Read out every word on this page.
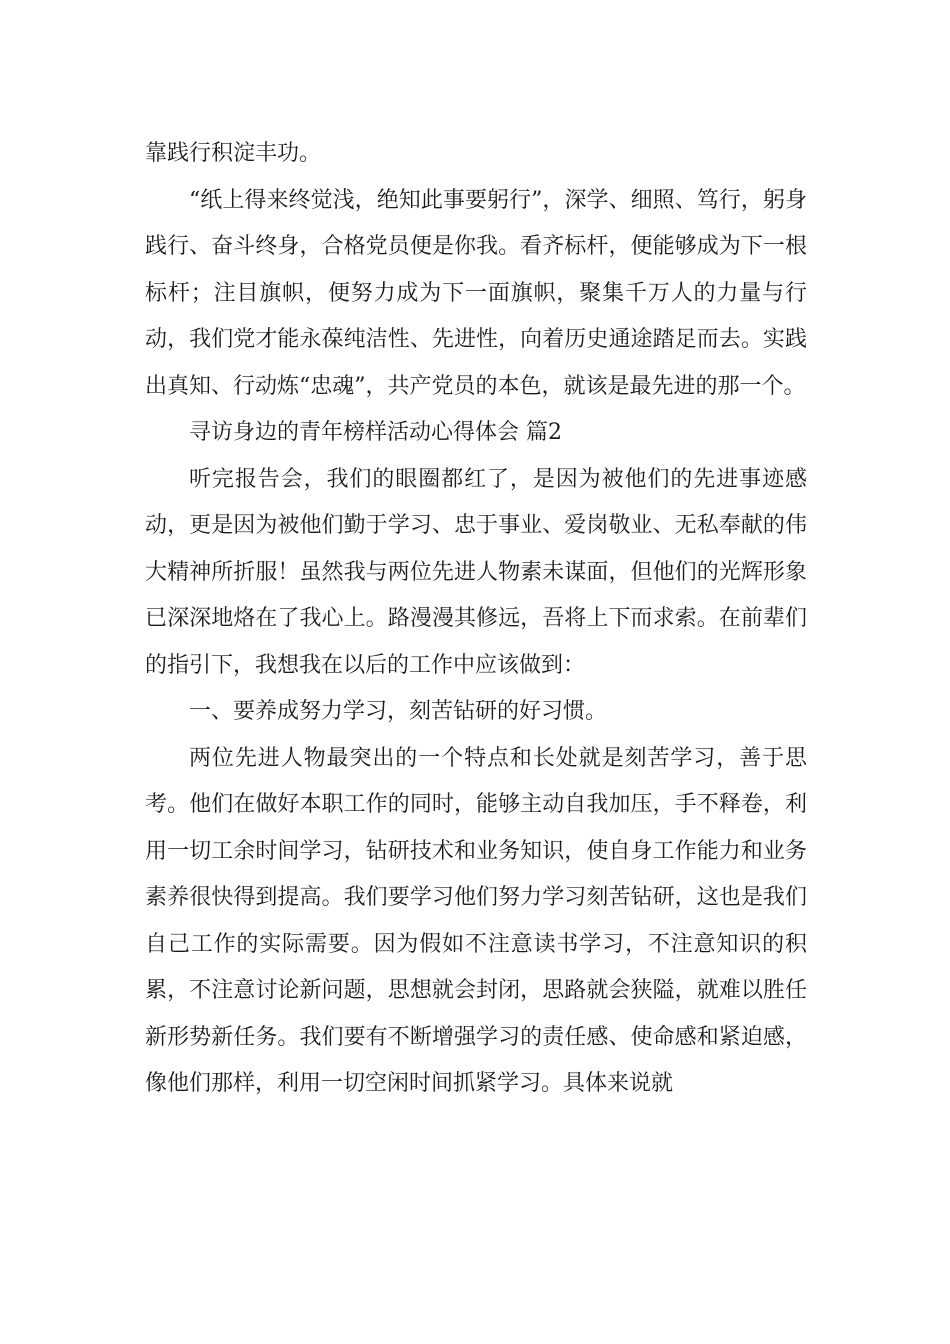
靠践行积淀丰功。

“纸上得来终觉浅，绝知此事要躬行”，深学、细照、笃行，躬身践行、奋斗终身，合格党员便是你我。看齐标杆，便能够成为下一根标杆；注目旗帜，便努力成为下一面旗帜，聚集千万人的力量与行动，我们党才能永葆纯洁性、先进性，向着历史通途踏足而去。实践出真知、行动炼“忠魂”，共产党员的本色，就该是最先进的那一个。

寻访身边的青年榜样活动心得体会 篇2

听完报告会，我们的眼圈都红了，是因为被他们的先进事迹感动，更是因为被他们勤于学习、忠于事业、爱岗敬业、无私奉献的伟大精神所折服！虽然我与两位先进人物素未谋面，但他们的光辉形象已深深地烙在了我心上。路漫漫其修远，吾将上下而求索。在前辈们的指引下，我想我在以后的工作中应该做到：

一、要养成努力学习，刻苦钻研的好习惯。

两位先进人物最突出的一个特点和长处就是刻苦学习，善于思考。他们在做好本职工作的同时，能够主动自我加压，手不释卷，利用一切工余时间学习，钻研技术和业务知识，使自身工作能力和业务素养很快得到提高。我们要学习他们努力学习刻苦钻研，这也是我们自己工作的实际需要。因为假如不注意读书学习，不注意知识的积累，不注意讨论新问题，思想就会封闭，思路就会狭隘，就难以胜任新形势新任务。我们要有不断增强学习的责任感、使命感和紧迫感，像他们那样，利用一切空闲时间抓紧学习。具体来说就
